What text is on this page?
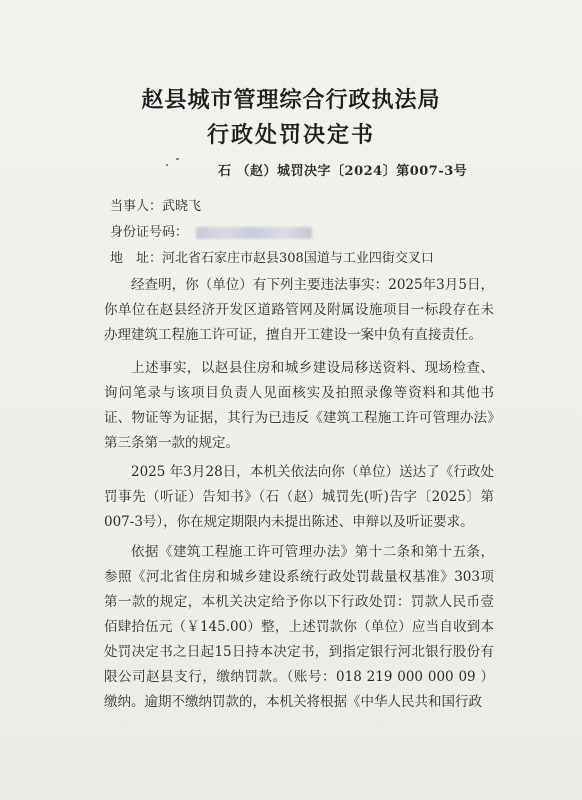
赵县城市管理综合行政执法局
行政处罚决定书
石 （赵）城罚决字〔2024〕第007-3号
当事人：武晓飞
身份证号码：
地　址：河北省石家庄市赵县308国道与工业四街交叉口
经查明，你（单位）有下列主要违法事实：2025年3月5日，你单位在赵县经济开发区道路管网及附属设施项目一标段存在未办理建筑工程施工许可证，擅自开工建设一案中负有直接责任。
上述事实，以赵县住房和城乡建设局移送资料、现场检查、询问笔录与该项目负责人见面核实及拍照录像等资料和其他书证、物证等为证据，其行为已违反《建筑工程施工许可管理办法》第三条第一款的规定。
2025 年3月28日，本机关依法向你（单位）送达了《行政处罚事先（听证）告知书》（石（赵）城罚先(听)告字〔2025〕第007-3号），你在规定期限内未提出陈述、申辩以及听证要求。
依据《建筑工程施工许可管理办法》第十二条和第十五条，参照《河北省住房和城乡建设系统行政处罚裁量权基准》303项第一款的规定，本机关决定给予你以下行政处罚：罚款人民币壹佰肆拾伍元（￥145.00）整，上述罚款你（单位）应当自收到本处罚决定书之日起15日持本决定书，到指定银行河北银行股份有限公司赵县支行，缴纳罚款。（账号：018 219 000 000 09 ）缴纳。逾期不缴纳罚款的，本机关将根据《中华人民共和国行政
